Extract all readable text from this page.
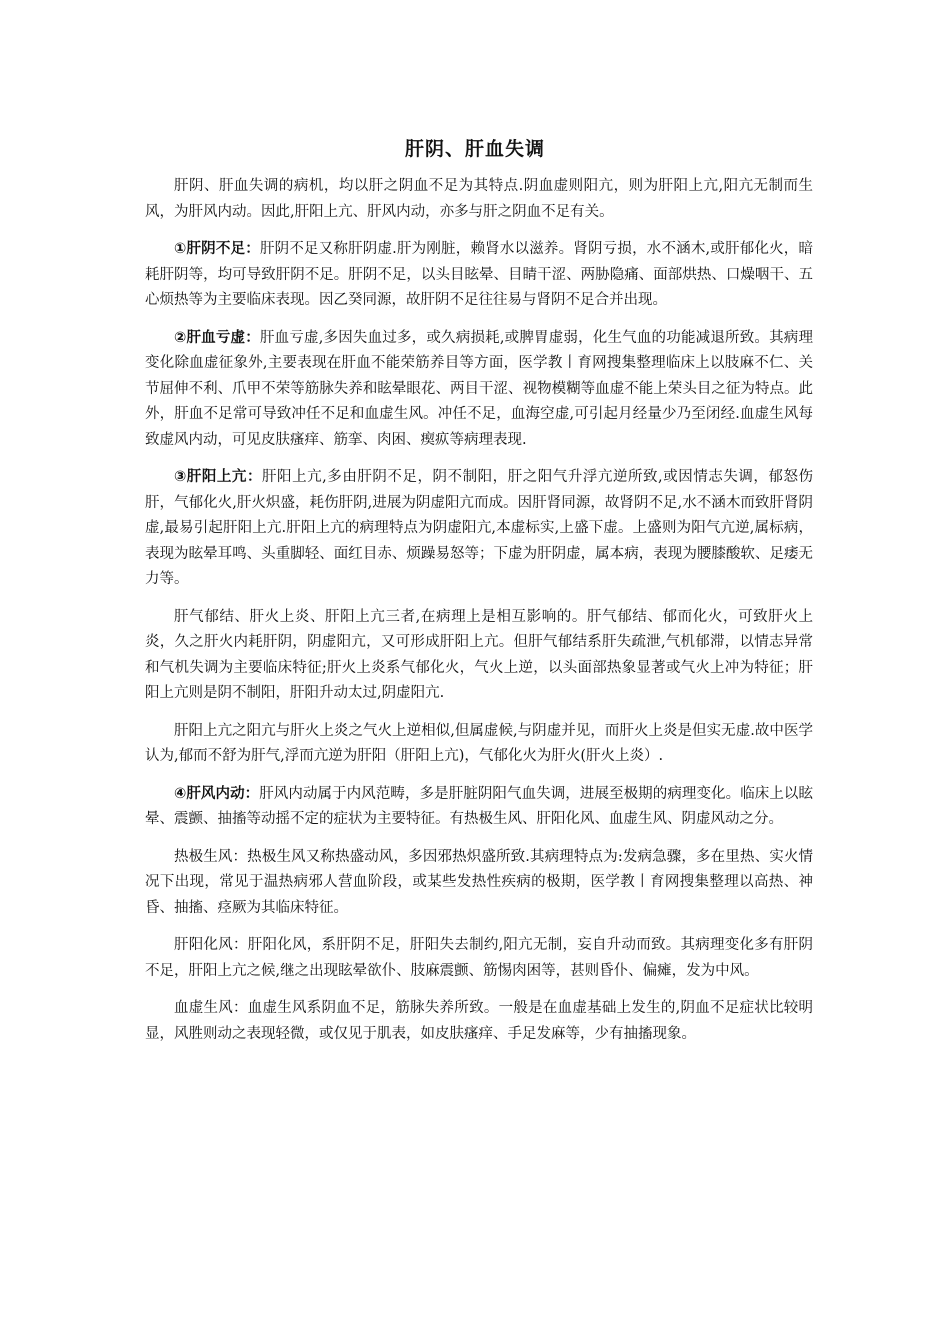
肝阴、肝血失调

肝阴、肝血失调的病机，均以肝之阴血不足为其特点.阴血虚则阳亢，则为肝阳上亢,阳亢无制而生风，为肝风内动。因此,肝阳上亢、肝风内动，亦多与肝之阴血不足有关。

①肝阴不足：肝阴不足又称肝阴虚.肝为刚脏，赖肾水以滋养。肾阴亏损，水不涵木,或肝郁化火，暗耗肝阴等，均可导致肝阴不足。肝阴不足，以头目眩晕、目睛干涩、两胁隐痛、面部烘热、口燥咽干、五心烦热等为主要临床表现。因乙癸同源，故肝阴不足往往易与肾阴不足合并出现。

②肝血亏虚：肝血亏虚,多因失血过多，或久病损耗,或脾胃虚弱，化生气血的功能减退所致。其病理变化除血虚征象外,主要表现在肝血不能荣筋养目等方面，医学教丨育网搜集整理临床上以肢麻不仁、关节屈伸不利、爪甲不荣等筋脉失养和眩晕眼花、两目干涩、视物模糊等血虚不能上荣头目之征为特点。此外，肝血不足常可导致冲任不足和血虚生风。冲任不足，血海空虚,可引起月经量少乃至闭经.血虚生风每致虚风内动，可见皮肤瘙痒、筋挛、肉困、瘈疭等病理表现.

③肝阳上亢：肝阳上亢,多由肝阴不足，阴不制阳，肝之阳气升浮亢逆所致,或因情志失调，郁怒伤肝，气郁化火,肝火炽盛，耗伤肝阴,进展为阴虚阳亢而成。因肝肾同源，故肾阴不足,水不涵木而致肝肾阴虚,最易引起肝阳上亢.肝阳上亢的病理特点为阴虚阳亢,本虚标实,上盛下虚。上盛则为阳气亢逆,属标病，表现为眩晕耳鸣、头重脚轻、面红目赤、烦躁易怒等；下虚为肝阴虚，属本病，表现为腰膝酸软、足痿无力等。

肝气郁结、肝火上炎、肝阳上亢三者,在病理上是相互影响的。肝气郁结、郁而化火，可致肝火上炎，久之肝火内耗肝阴，阴虚阳亢，又可形成肝阳上亢。但肝气郁结系肝失疏泄,气机郁滞，以情志异常和气机失调为主要临床特征;肝火上炎系气郁化火，气火上逆，以头面部热象显著或气火上冲为特征；肝阳上亢则是阴不制阳，肝阳升动太过,阴虚阳亢.

肝阳上亢之阳亢与肝火上炎之气火上逆相似,但属虚候,与阴虚并见，而肝火上炎是但实无虚.故中医学认为,郁而不舒为肝气,浮而亢逆为肝阳（肝阳上亢)，气郁化火为肝火(肝火上炎）.

④肝风内动：肝风内动属于内风范畴，多是肝脏阴阳气血失调，进展至极期的病理变化。临床上以眩晕、震颤、抽搐等动摇不定的症状为主要特征。有热极生风、肝阳化风、血虚生风、阴虚风动之分。

热极生风：热极生风又称热盛动风，多因邪热炽盛所致.其病理特点为:发病急骤，多在里热、实火情况下出现，常见于温热病邪人营血阶段，或某些发热性疾病的极期，医学教丨育网搜集整理以高热、神昏、抽搐、痉厥为其临床特征。

肝阳化风：肝阳化风，系肝阴不足，肝阳失去制约,阳亢无制，妄自升动而致。其病理变化多有肝阴不足，肝阳上亢之候,继之出现眩晕欲仆、肢麻震颤、筋惕肉困等，甚则昏仆、偏瘫，发为中风。

血虚生风：血虚生风系阴血不足，筋脉失养所致。一般是在血虚基础上发生的,阴血不足症状比较明显，风胜则动之表现轻微，或仅见于肌表，如皮肤瘙痒、手足发麻等，少有抽搐现象。
